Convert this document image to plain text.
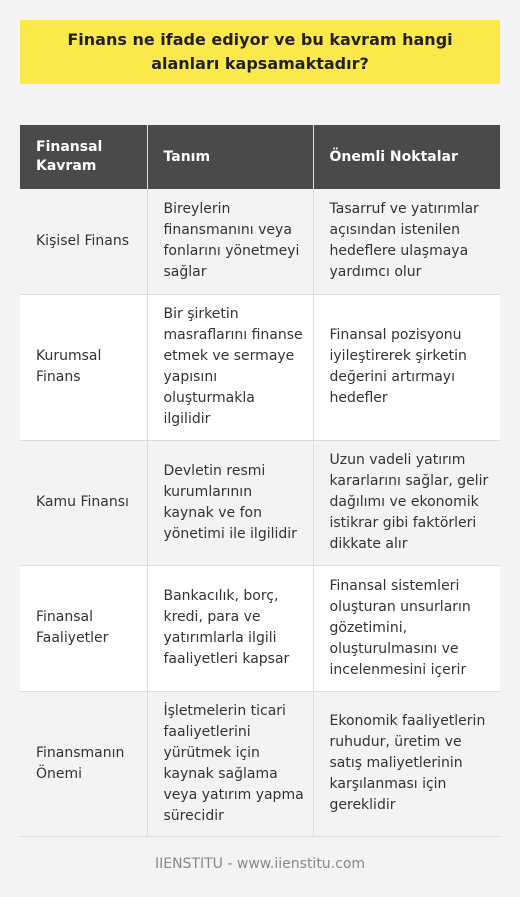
Finans ne ifade ediyor ve bu kavram hangi alanları kapsamaktadır?
Finansal Kavram	Tanım	Önemli Noktalar
Kişisel Finans	Bireylerin finansmanını veya fonlarını yönetmeyi sağlar	Tasarruf ve yatırımlar açısından istenilen hedeflere ulaşmaya yardımcı olur
Kurumsal Finans	Bir şirketin masraflarını finanse etmek ve sermaye yapısını oluşturmakla ilgilidir	Finansal pozisyonu iyileştirerek şirketin değerini artırmayı hedefler
Kamu Finansı	Devletin resmi kurumlarının kaynak ve fon yönetimi ile ilgilidir	Uzun vadeli yatırım kararlarını sağlar, gelir dağılımı ve ekonomik istikrar gibi faktörleri dikkate alır
Finansal Faaliyetler	Bankacılık, borç, kredi, para ve yatırımlarla ilgili faaliyetleri kapsar	Finansal sistemleri oluşturan unsurların gözetimini, oluşturulmasını ve incelenmesini içerir
Finansmanın Önemi	İşletmelerin ticari faaliyetlerini yürütmek için kaynak sağlama veya yatırım yapma sürecidir	Ekonomik faaliyetlerin ruhudur, üretim ve satış maliyetlerinin karşılanması için gereklidir
IIENSTITU - www.iienstitu.com
